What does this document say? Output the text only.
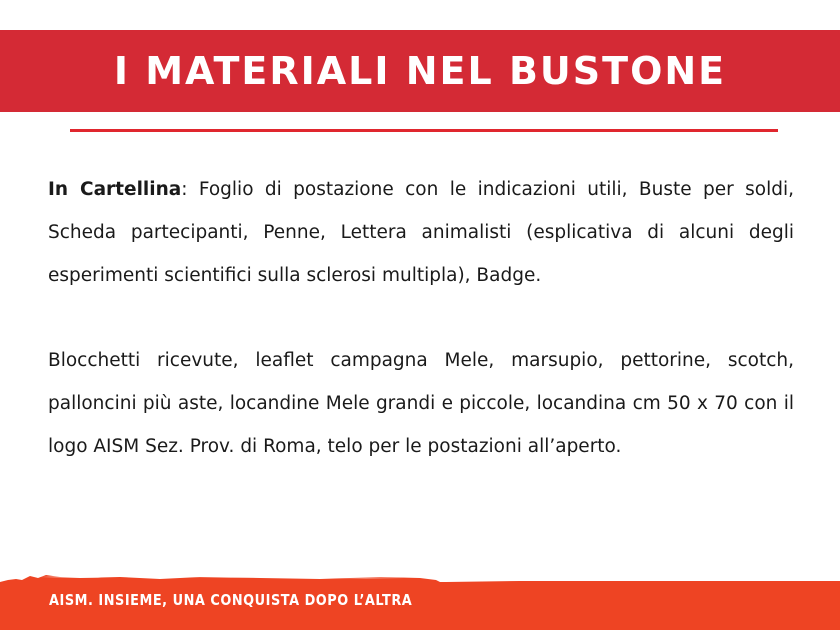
I MATERIALI NEL BUSTONE

In Cartellina: Foglio di postazione con le indicazioni utili, Buste per soldi, Scheda partecipanti, Penne, Lettera animalisti (esplicativa di alcuni degli esperimenti scientifici sulla sclerosi multipla), Badge.

Blocchetti ricevute, leaflet campagna Mele, marsupio, pettorine, scotch, palloncini più aste, locandine Mele grandi e piccole, locandina cm 50 x 70 con il logo AISM Sez. Prov. di Roma, telo per le postazioni all’aperto.

AISM. INSIEME, UNA CONQUISTA DOPO L’ALTRA
